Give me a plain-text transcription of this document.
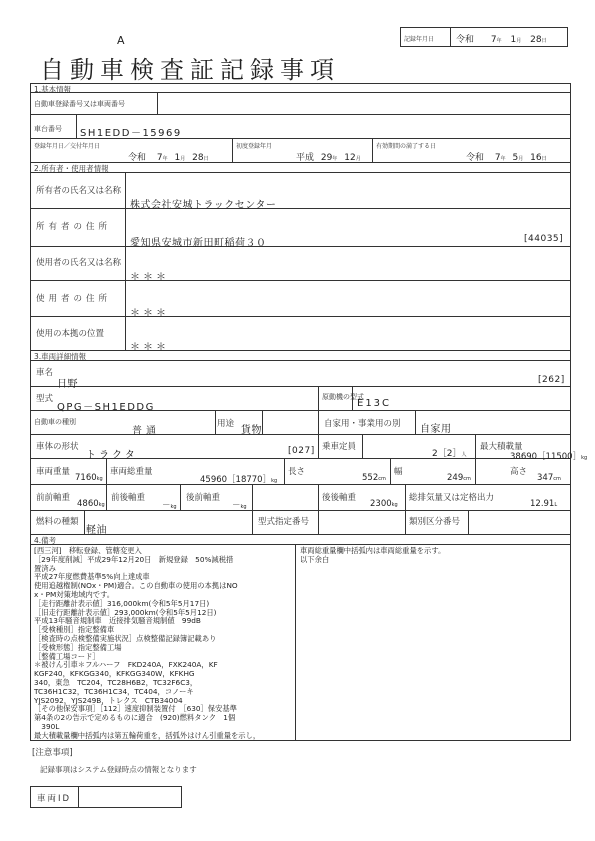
A
自動車検査証記録事項
記録年月日 令和 7年 1月 28日
1.基本情報
自動車登録番号又は車両番号
車台番号 SH1EDD－15969
登録年月日／交付年月日
令和 7年 1月 28日
初度登録年月
平成 29年 12月
有効期間の満了する日
令和 7年 5月 16日
2.所有者・使用者情報
所有者の氏名又は名称
株式会社安城トラックセンター
所有者の住所
愛知県安城市新田町稲荷３０	[44035]
使用者の氏名又は名称
＊＊＊
使用者の住所
＊＊＊
使用の本拠の位置
＊＊＊
3.車両詳細情報
車名
日野	[262]
型式
QPG－SH1EDDG
原動機の型式
E13C
自動車の種別
普通
用途
貨物
自家用・事業用の別 自家用
車体の形状
トラクタ	[027] 乗車定員
2［2］人
最大積載量
38690［11500］kg
車両重量
7160kg
車両総重量
45960［18770］kg
長さ
552cm
幅
249cm
高さ
347cm
前前軸重
4860kg
前後軸重
－kg
後前軸重
－kg
後後軸重
2300kg
総排気量又は定格出力
12.91L
燃料の種類
軽油
型式指定番号	類別区分番号
4.備考
[西三河]　移転登録、管轄変更入
［29年度削減］平成29年12月20日　新規登録　50%減税措
置済み
平成27年度燃費基準5%向上達成車
使用追越権制(NOx・PM)適合。この自動車の使用の本拠はNO
x・PM対策地域内です。
［走行距離計表示値］316,000km(令和5年5月17日)
［旧走行距離計表示値］293,000km(令和5年5月12日)
平成13年騒音規制車　近接排気騒音規制値　99dB
［受検種別］指定整備車
［検査時の点検整備実施状況］点検整備記録簿記載あり
［受検形態］指定整備工場
［整備工場コード］
＊被けん引車＊フルハーフ　FKD240A，FXK240A，KF
KGF240，KFKGG340，KFKGG340W，KFKHG
340，東急　TC204，TC28H6B2，TC32F6C3，
TC36H1C32，TC36H1C34，TC404，コノーキ
YJS2092，YJS249B，トレクス　CTB34004
［その他保安事項］［112］速度抑制装置付　［630］保安基準
第4条の2の告示で定めるものに適合　(920)燃料タンク　1個
　390L
最大積載量欄中括弧内は第五輪荷重を，括弧外はけん引重量を示し，
車両総重量欄中括弧内は車両総重量を示す。
以下余白
[注意事項]
記録事項はシステム登録時点の情報となります
車両ID
